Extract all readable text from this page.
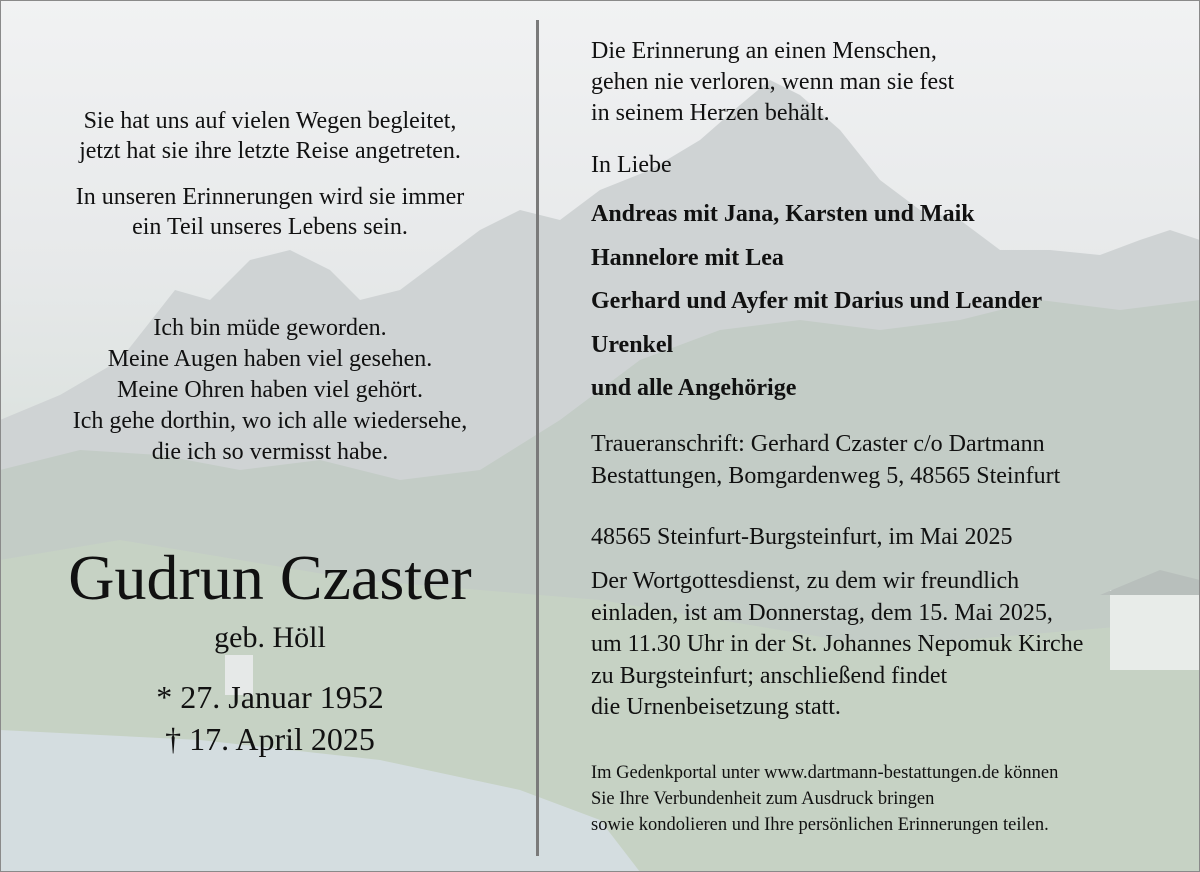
Sie hat uns auf vielen Wegen begleitet,

jetzt hat sie ihre letzte Reise angetreten.

In unseren Erinnerungen wird sie immer

ein Teil unseres Lebens sein.

Ich bin müde geworden.

Meine Augen haben viel gesehen.

Meine Ohren haben viel gehört.

Ich gehe dorthin, wo ich alle wiedersehe,

die ich so vermisst habe.

Gudrun Czaster
geb. Höll
* 27. Januar 1952
† 17. April 2025

Die Erinnerung an einen Menschen,

gehen nie verloren, wenn man sie fest

in seinem Herzen behält.

In Liebe

Andreas mit Jana, Karsten und Maik

Hannelore mit Lea

Gerhard und Ayfer mit Darius und Leander

Urenkel

und alle Angehörige

Traueranschrift: Gerhard Czaster c/o Dartmann

Bestattungen, Bomgardenweg 5, 48565 Steinfurt

48565 Steinfurt-Burgsteinfurt, im Mai 2025

Der Wortgottesdienst, zu dem wir freundlich

einladen, ist am Donnerstag, dem 15. Mai 2025,

um 11.30 Uhr in der St. Johannes Nepomuk Kirche

zu Burgsteinfurt; anschließend findet

die Urnenbeisetzung statt.

Im Gedenkportal unter www.dartmann-bestattungen.de können

Sie Ihre Verbundenheit zum Ausdruck bringen

sowie kondolieren und Ihre persönlichen Erinnerungen teilen.
